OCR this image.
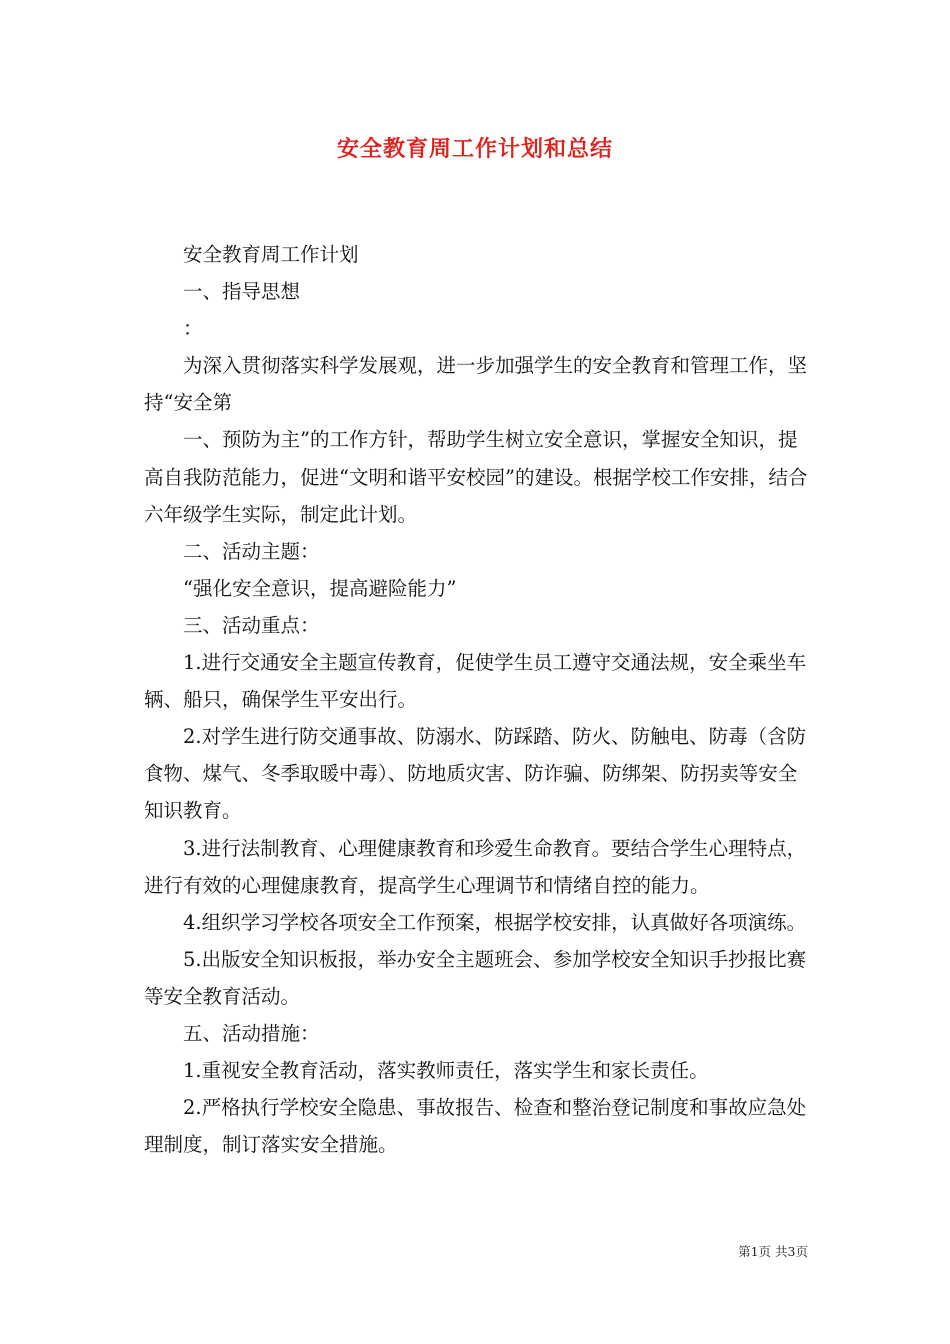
安全教育周工作计划和总结

安全教育周工作计划

一、指导思想

：

为深入贯彻落实科学发展观，进一步加强学生的安全教育和管理工作，坚持“安全第

一、预防为主”的工作方针，帮助学生树立安全意识，掌握安全知识，提高自我防范能力，促进“文明和谐平安校园”的建设。根据学校工作安排，结合六年级学生实际，制定此计划。

二、活动主题：

“强化安全意识，提高避险能力”

三、活动重点：

1.进行交通安全主题宣传教育，促使学生员工遵守交通法规，安全乘坐车辆、船只，确保学生平安出行。

2.对学生进行防交通事故、防溺水、防踩踏、防火、防触电、防毒（含防食物、煤气、冬季取暖中毒）、防地质灾害、防诈骗、防绑架、防拐卖等安全知识教育。

3.进行法制教育、心理健康教育和珍爱生命教育。要结合学生心理特点，进行有效的心理健康教育，提高学生心理调节和情绪自控的能力。

4.组织学习学校各项安全工作预案，根据学校安排，认真做好各项演练。

5.出版安全知识板报，举办安全主题班会、参加学校安全知识手抄报比赛等安全教育活动。

五、活动措施：

1.重视安全教育活动，落实教师责任，落实学生和家长责任。

2.严格执行学校安全隐患、事故报告、检查和整治登记制度和事故应急处理制度，制订落实安全措施。

第1页 共3页
